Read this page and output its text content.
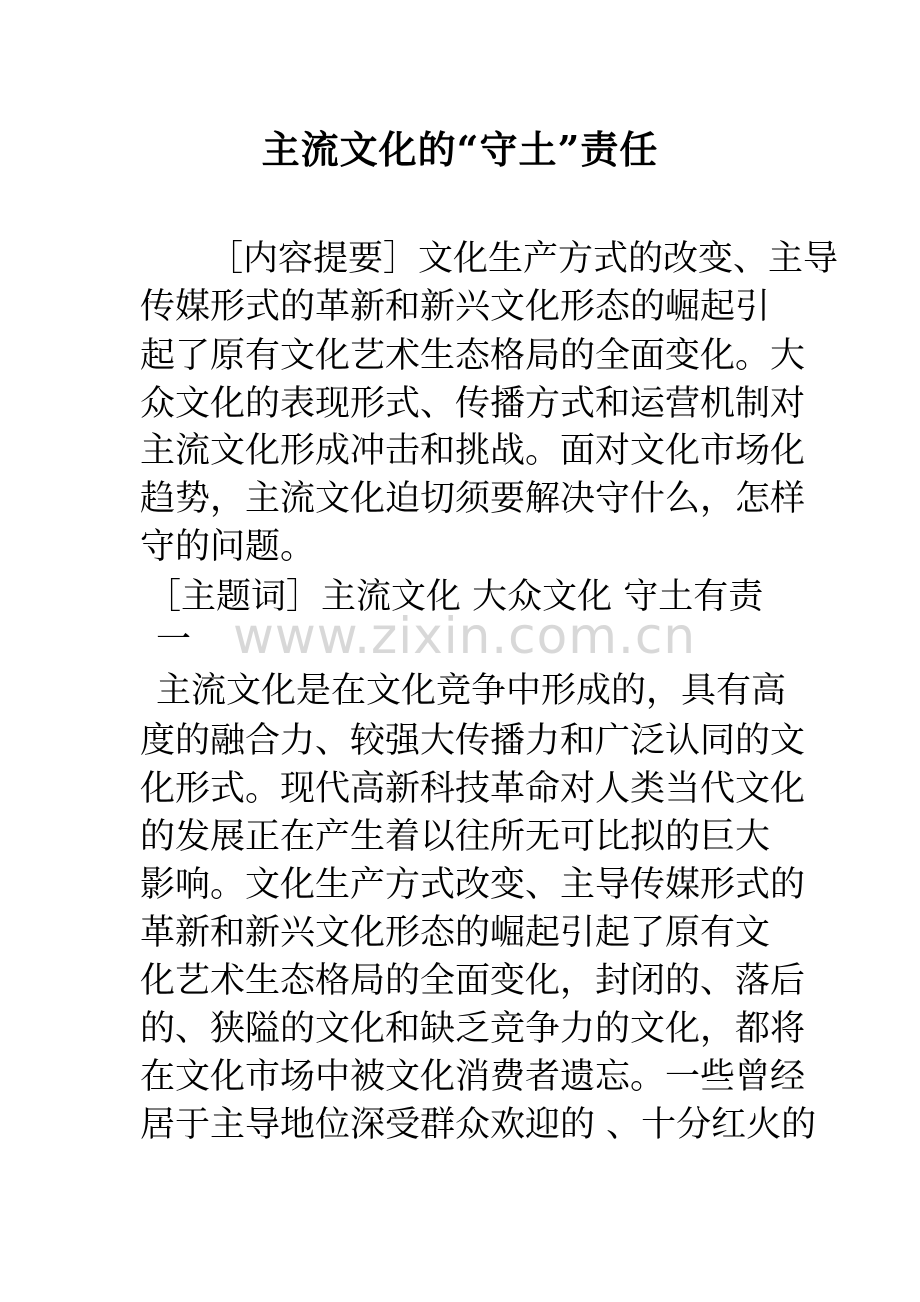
主流文化的“守土”责任
［内容提要］文化生产方式的改变、主导
传媒形式的革新和新兴文化形态的崛起引
起了原有文化艺术生态格局的全面变化。大
众文化的表现形式、传播方式和运营机制对
主流文化形成冲击和挑战。面对文化市场化
趋势，主流文化迫切须要解决守什么，怎样
守的问题。
［主题词］主流文化 大众文化 守土有责
一 www.zixin.com.cn
主流文化是在文化竞争中形成的，具有高
度的融合力、较强大传播力和广泛认同的文
化形式。现代高新科技革命对人类当代文化
的发展正在产生着以往所无可比拟的巨大
影响。文化生产方式改变、主导传媒形式的
革新和新兴文化形态的崛起引起了原有文
化艺术生态格局的全面变化，封闭的、落后
的、狭隘的文化和缺乏竞争力的文化，都将
在文化市场中被文化消费者遗忘。一些曾经
居于主导地位深受群众欢迎的 、十分红火的
